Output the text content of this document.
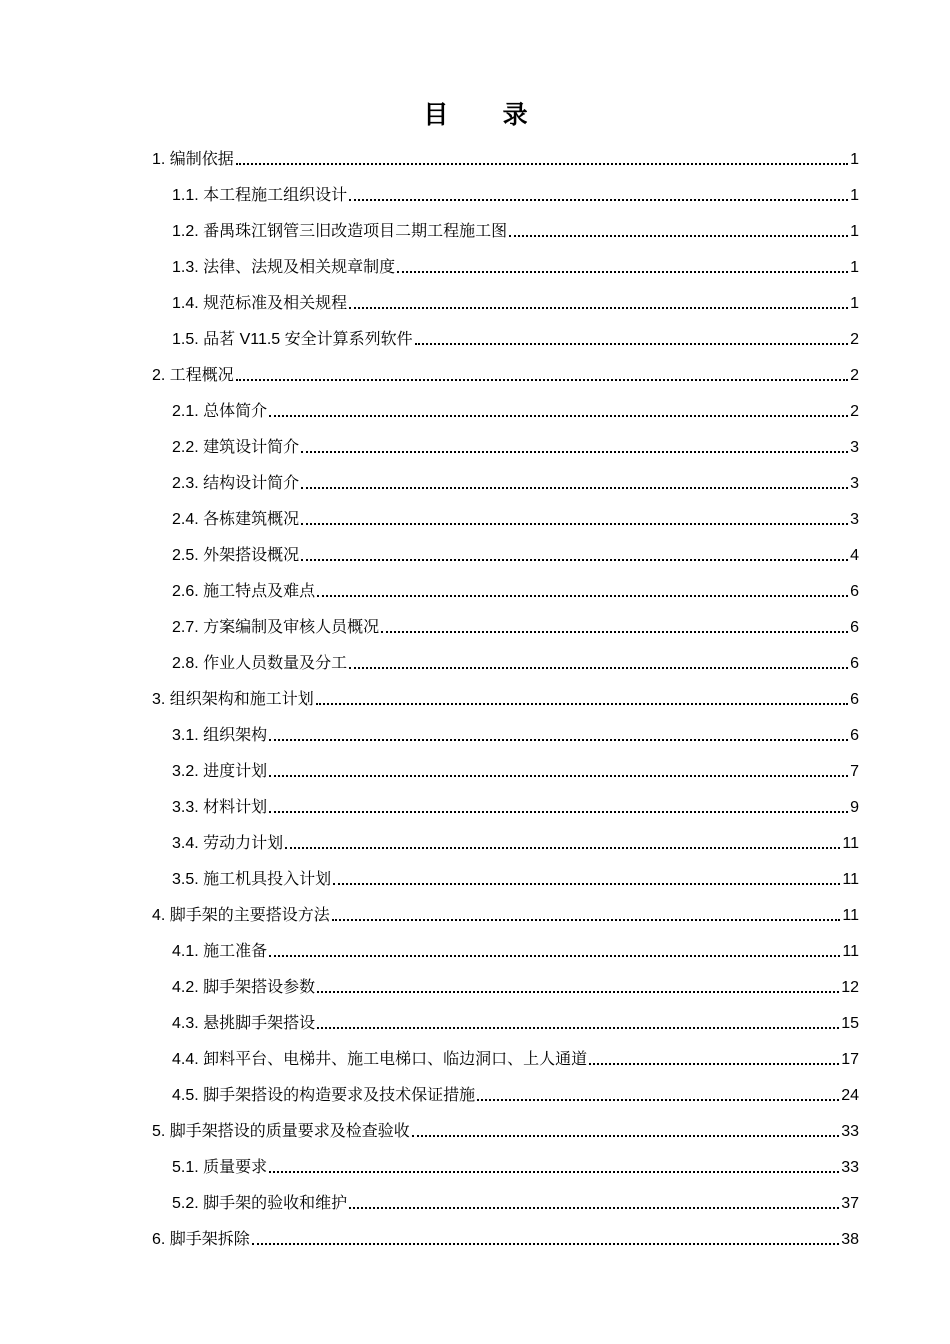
目 录
1. 编制依据	1
1.1. 本工程施工组织设计	1
1.2. 番禺珠江钢管三旧改造项目二期工程施工图	1
1.3. 法律、法规及相关规章制度	1
1.4. 规范标准及相关规程	1
1.5. 品茗 V11.5 安全计算系列软件	2
2. 工程概况	2
2.1. 总体简介	2
2.2. 建筑设计简介	3
2.3. 结构设计简介	3
2.4. 各栋建筑概况	3
2.5. 外架搭设概况	4
2.6. 施工特点及难点	6
2.7. 方案编制及审核人员概况	6
2.8. 作业人员数量及分工	6
3. 组织架构和施工计划	6
3.1. 组织架构	6
3.2. 进度计划	7
3.3. 材料计划	9
3.4. 劳动力计划	11
3.5. 施工机具投入计划	11
4. 脚手架的主要搭设方法	11
4.1. 施工准备	11
4.2. 脚手架搭设参数	12
4.3. 悬挑脚手架搭设	15
4.4. 卸料平台、电梯井、施工电梯口、临边洞口、上人通道	17
4.5. 脚手架搭设的构造要求及技术保证措施	24
5. 脚手架搭设的质量要求及检查验收	33
5.1. 质量要求	33
5.2. 脚手架的验收和维护	37
6. 脚手架拆除	38
